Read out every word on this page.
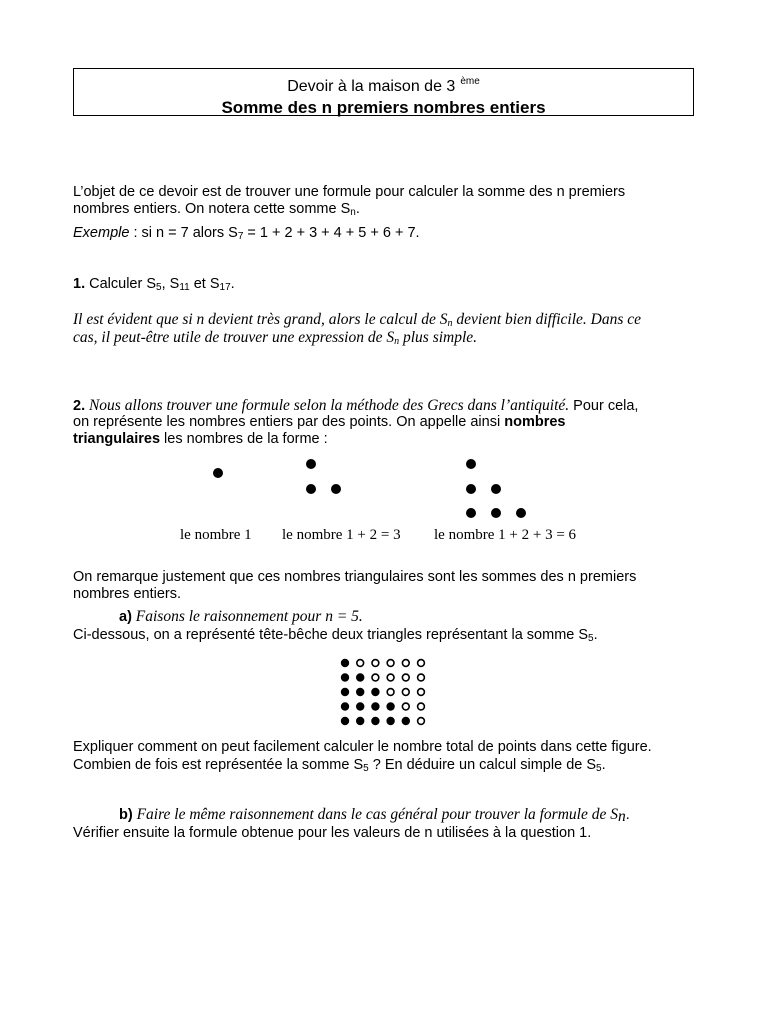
Devoir à la maison de 3 $^{ème}$
Somme des n premiers nombres entiers
L’objet de ce devoir est de trouver une formule pour calculer la somme des n premiers
nombres entiers. On notera cette somme $S_n$.
Exemple : si n = 7 alors $S_7 = 1 + 2 + 3 + 4 + 5 + 6 + 7$.
1. Calculer $S_5$, $S_{11}$ et $S_{17}$.
Il est évident que si n devient très grand, alors le calcul de $S_n$ devient bien difficile. Dans ce
cas, il peut-être utile de trouver une expression de $S_n$ plus simple.
2. Nous allons trouver une formule selon la méthode des Grecs dans l’antiquité. Pour cela,
on représente les nombres entiers par des points. On appelle ainsi nombres
triangulaires les nombres de la forme :
le nombre 1 le nombre 1 + 2 = 3 le nombre 1 + 2 + 3 = 6
On remarque justement que ces nombres triangulaires sont les sommes des n premiers
nombres entiers.
a) Faisons le raisonnement pour n = 5.
Ci-dessous, on a représenté tête-bêche deux triangles représentant la somme $S_5$.
Expliquer comment on peut facilement calculer le nombre total de points dans cette figure.
Combien de fois est représentée la somme $S_5$ ? En déduire un calcul simple de $S_5$.
b) Faire le même raisonnement dans le cas général pour trouver la formule de $S_n$.
Vérifier ensuite la formule obtenue pour les valeurs de n utilisées à la question 1.
